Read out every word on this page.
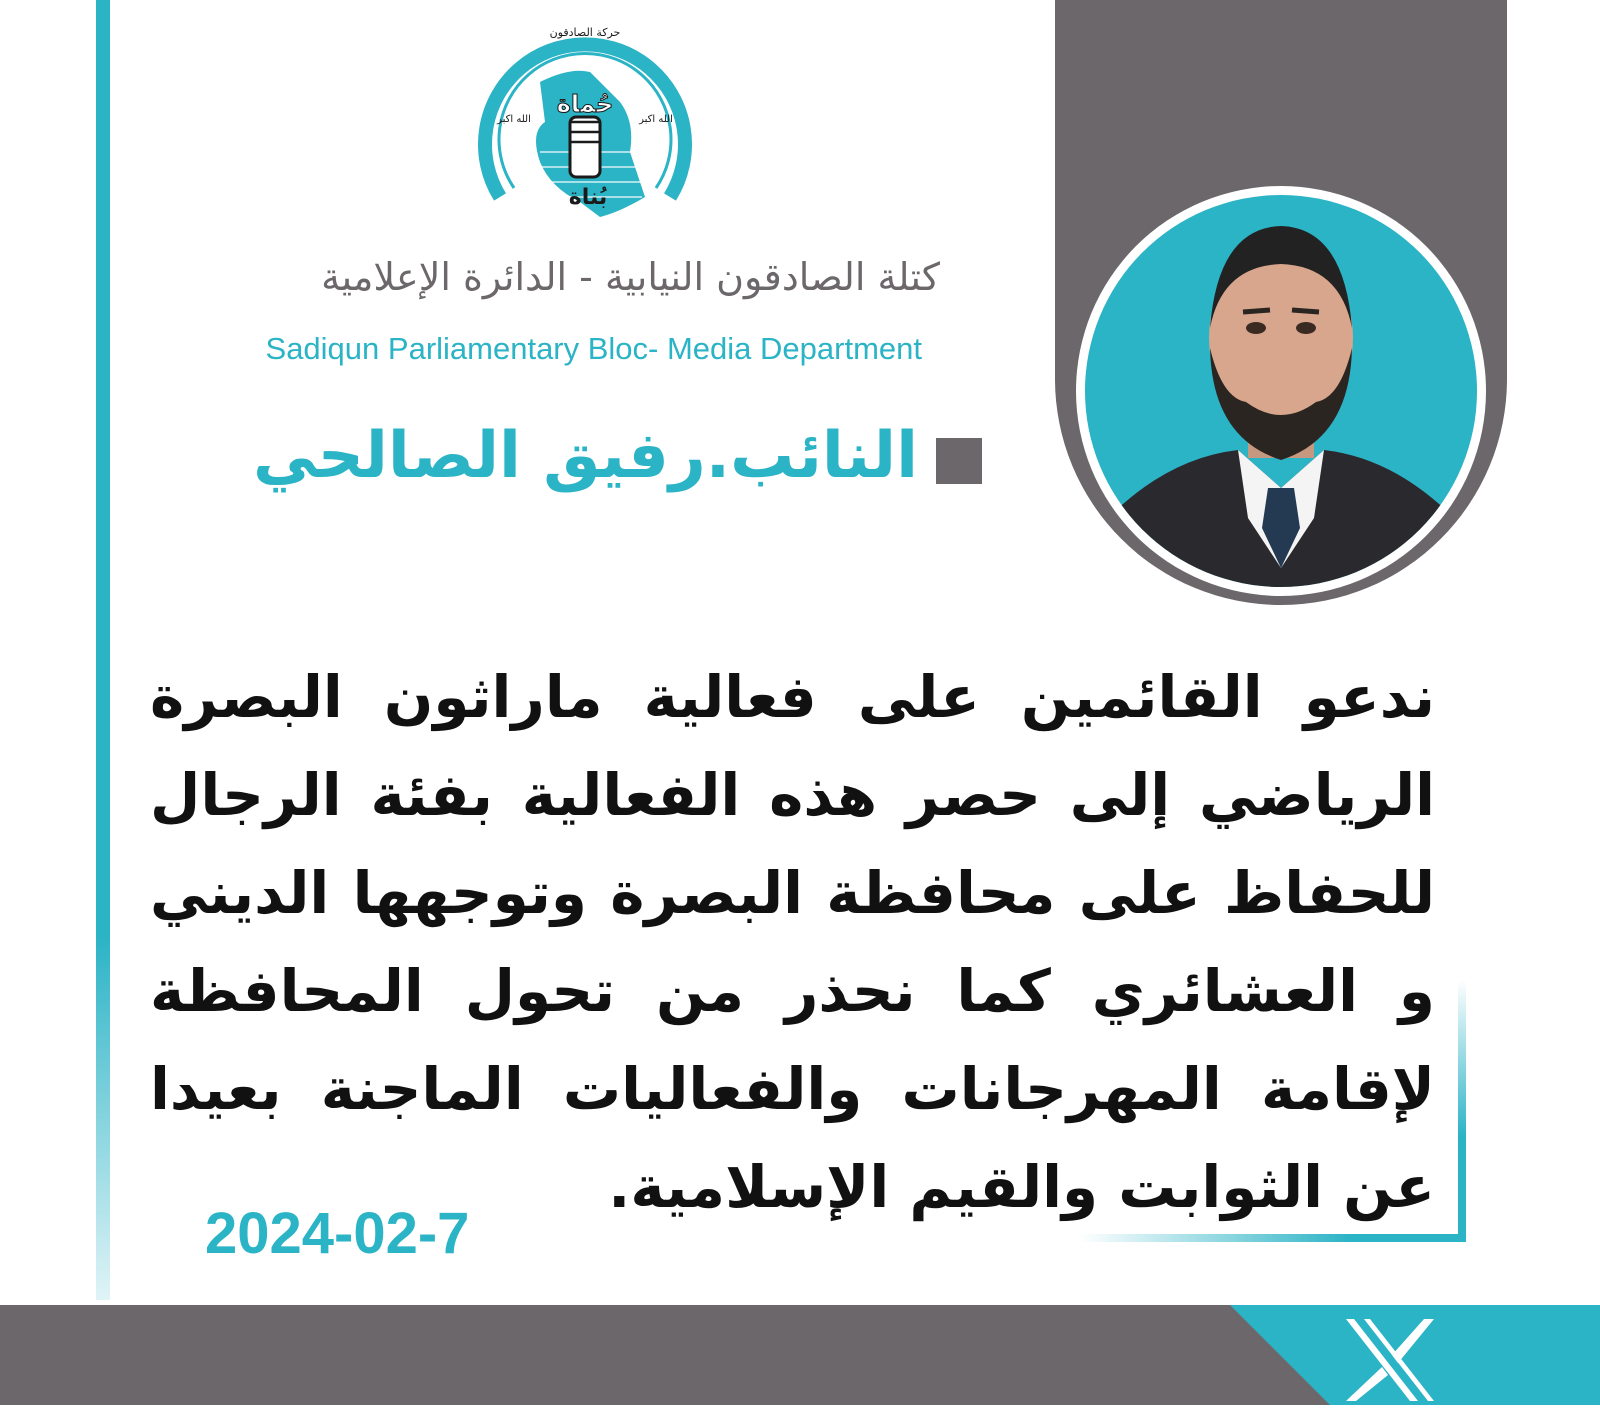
حُماة
بُناة
حركة الصادقون
الله اكبر	الله اكبر
كتلة الصادقون النيابية - الدائرة الإعلامية
Sadiqun Parliamentary Bloc- Media Department
النائب.رفيق الصالحي

ندعو القائمين على فعالية ماراثون البصرة الرياضي إلى حصر هذه الفعالية بفئة الرجال للحفاظ على محافظة البصرة وتوجهها الديني و العشائري كما نحذر من تحول المحافظة لإقامة المهرجانات والفعاليات الماجنة بعيدا عن الثوابت والقيم الإسلامية.

2024-02-7
